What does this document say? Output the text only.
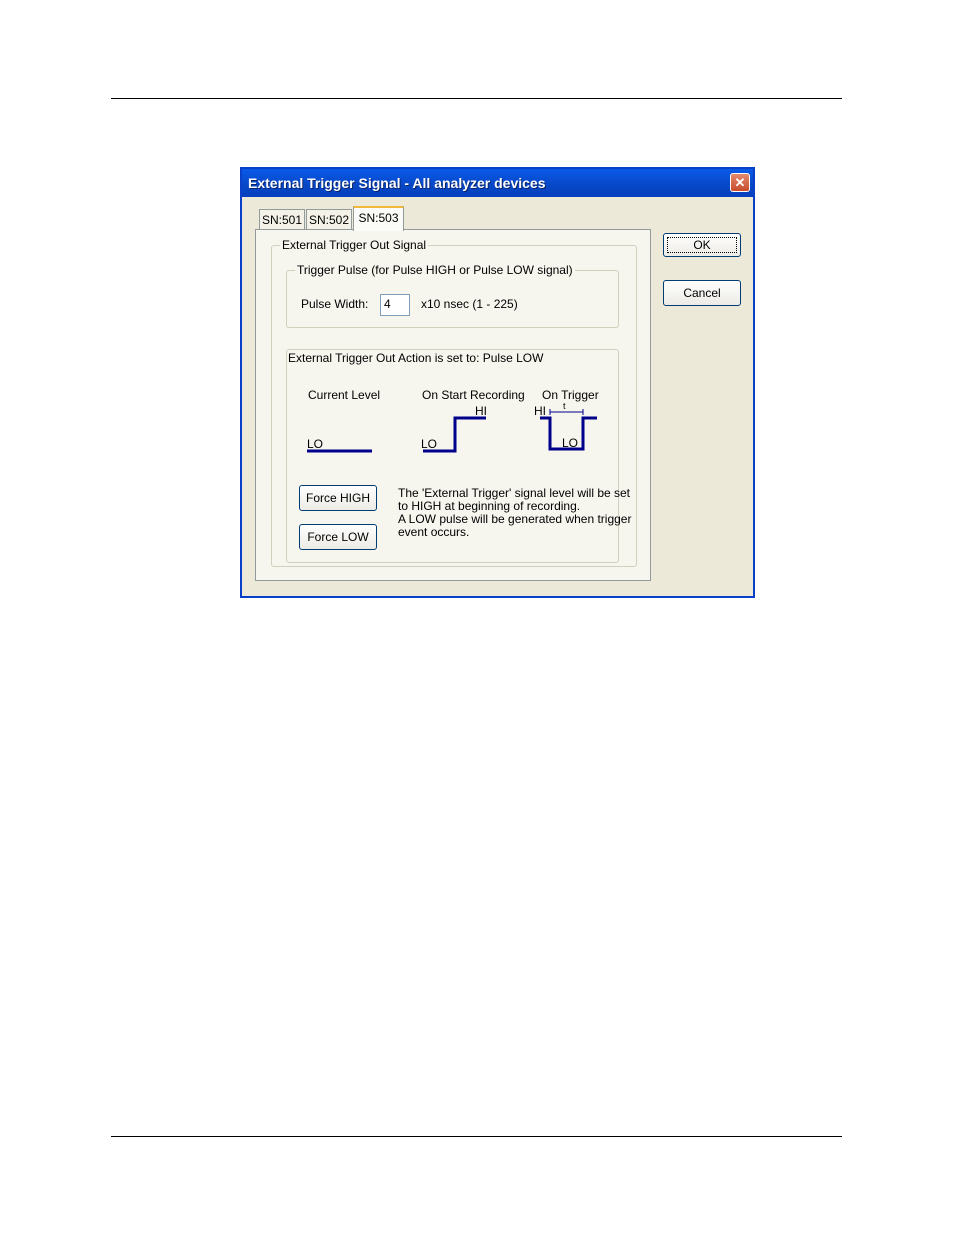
External Trigger Signal - All analyzer devices	✕
SN:501 SN:502 SN:503
External Trigger Out Signal
Trigger Pulse (for Pulse HIGH or Pulse LOW signal)
Pulse Width:	4	x10 nsec (1 - 225)
External Trigger Out Action is set to: Pulse LOW
Current Level	On Start Recording On Trigger
LO	LO
HI	HI
LO
t
Force HIGH
Force LOW
The 'External Trigger' signal level will be set
to HIGH at beginning of recording.
A LOW pulse will be generated when trigger
event occurs.
OK
Cancel
